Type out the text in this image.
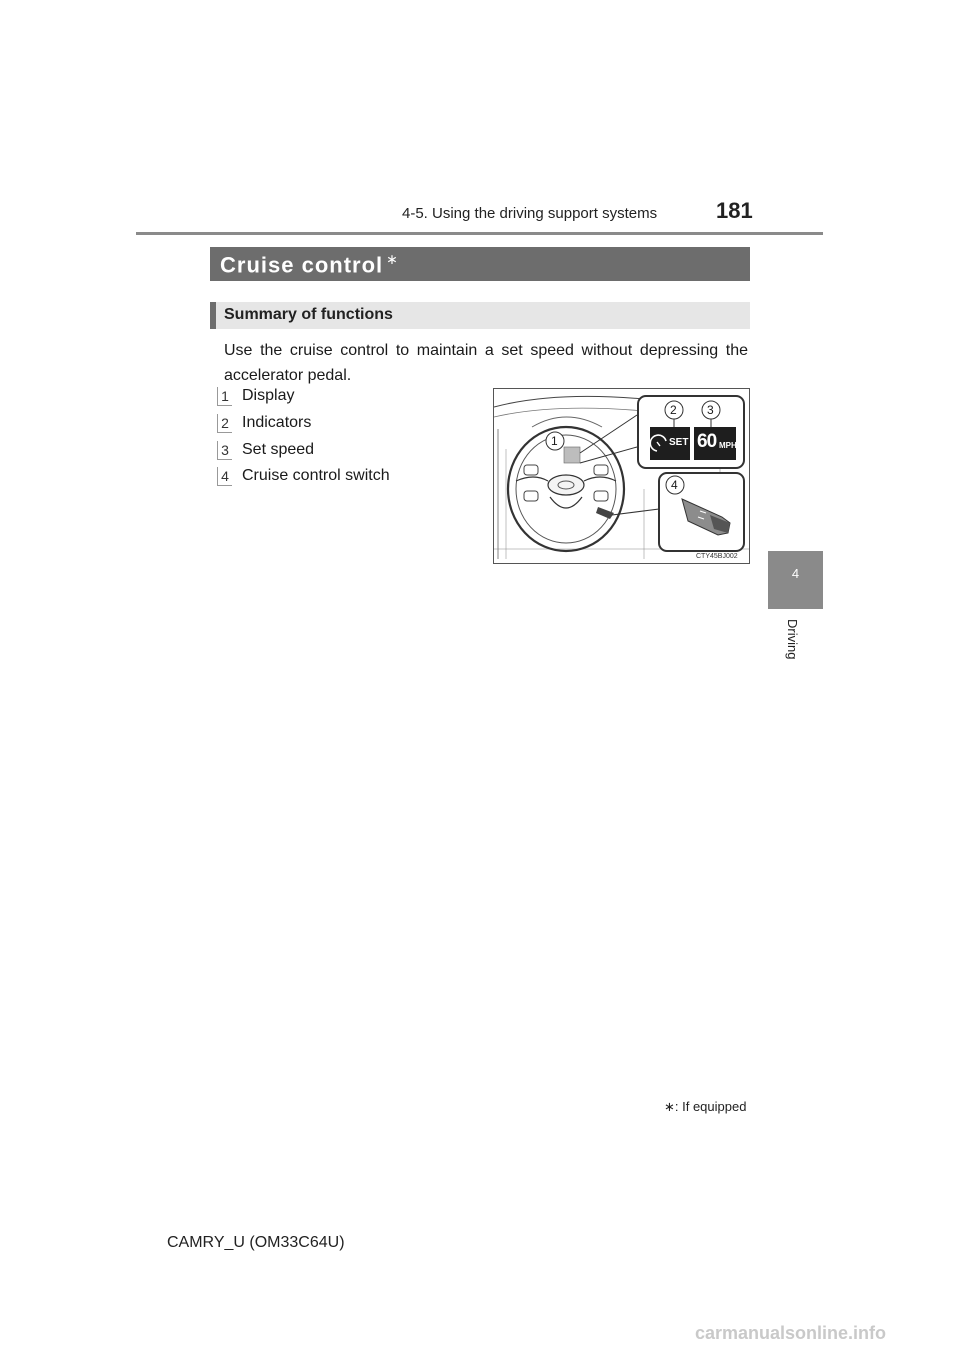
4-5. Using the driving support systems	181
4
Driving
Cruise control ∗
Summary of functions
Use the cruise control to maintain a set speed without depressing the accelerator pedal.
1 Display
2 Indicators
3 Set speed
4 Cruise control switch
1
2	3
4
SET 60 MPH
CTY45BJ002
∗: If equipped
CAMRY_U (OM33C64U)
carmanualsonline.info
